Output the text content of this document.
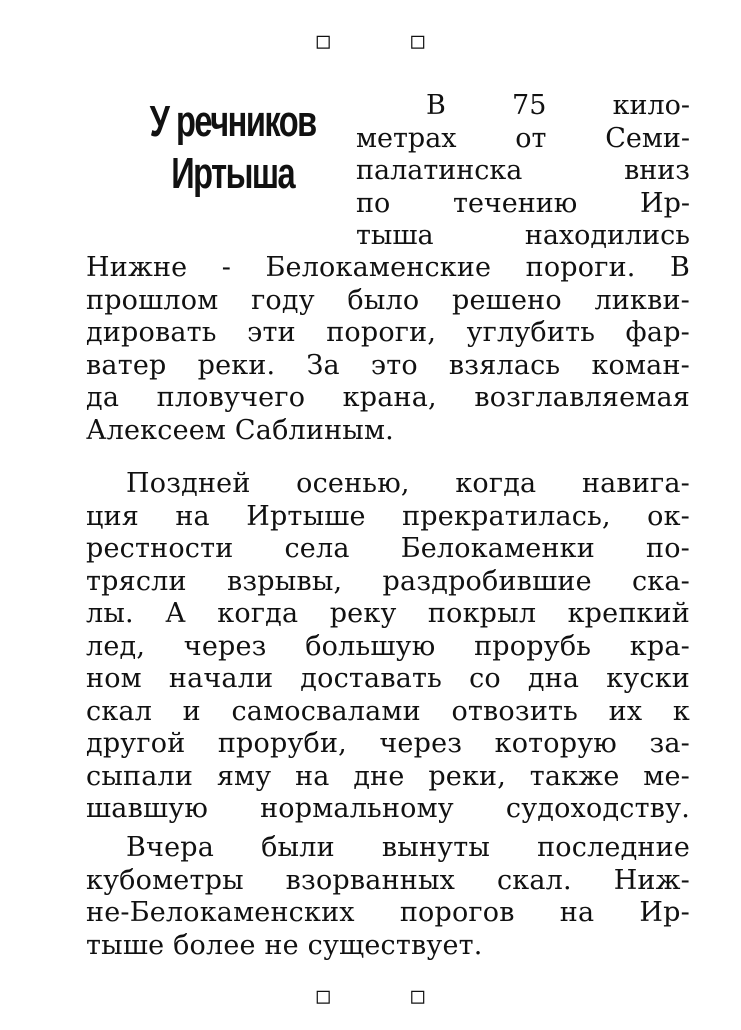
□ □
У речников
Иртыша
В 75 кило-
метрах от Семи-
палатинска вниз
по течению Ир-
тыша находились
Нижне - Белокаменские пороги. В
прошлом году было решено ликви-
дировать эти пороги, углубить фар-
ватер реки. За это взялась коман-
да пловучего крана, возглавляемая
Алексеем Саблиным.
Поздней осенью, когда навига-
ция на Иртыше прекратилась, ок-
рестности села Белокаменки по-
трясли взрывы, раздробившие ска-
лы. А когда реку покрыл крепкий
лед, через большую прорубь кра-
ном начали доставать со дна куски
скал и самосвалами отвозить их к
другой проруби, через которую за-
сыпали яму на дне реки, также ме-
шавшую нормальному судоходству.
Вчера были вынуты последние
кубометры взорванных скал. Ниж-
не-Белокаменских порогов на Ир-
тыше более не существует.
□ □
